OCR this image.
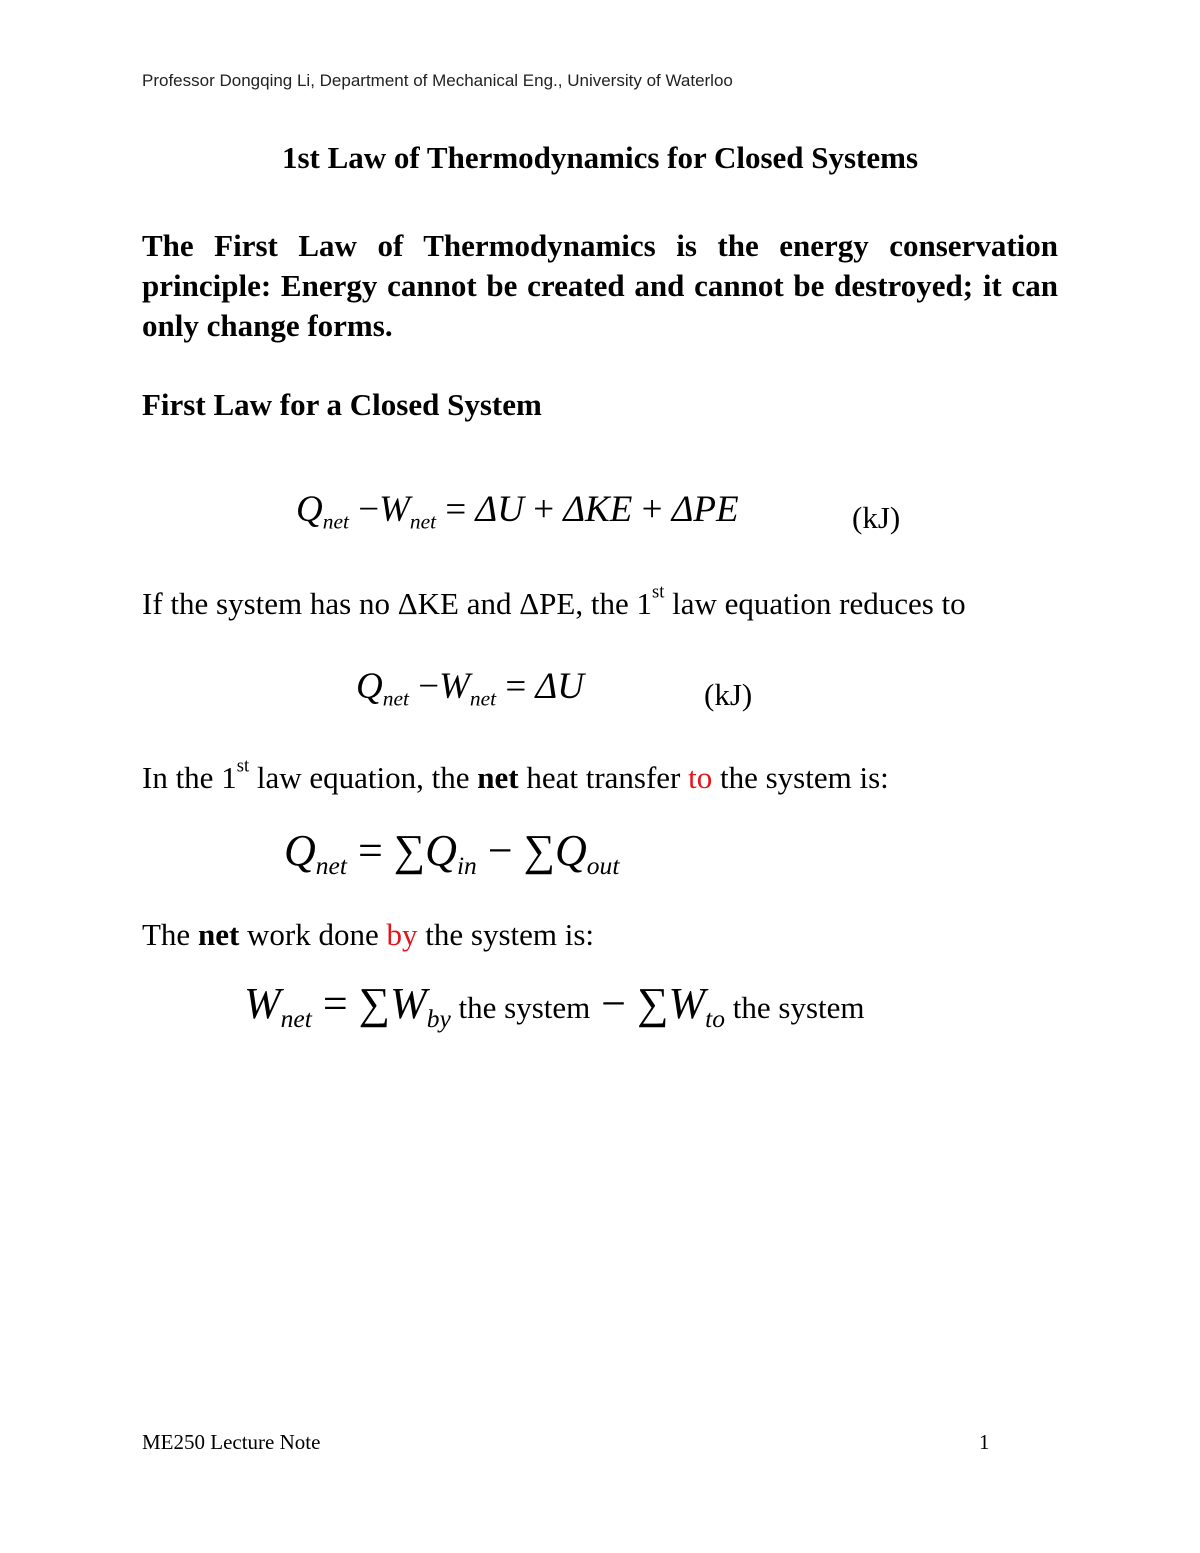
Professor Dongqing Li, Department of Mechanical Eng., University of Waterloo
1st Law of Thermodynamics for Closed Systems
The First Law of Thermodynamics is the energy conservation principle: Energy cannot be created and cannot be destroyed; it can only change forms.
First Law for a Closed System
$Q_{net} -W_{net} = \Delta U + \Delta KE + \Delta PE$	(kJ)
If the system has no ΔKE and ΔPE, the 1st law equation reduces to
$Q_{net} -W_{net} = \Delta U$	(kJ)
In the 1st law equation, the net heat transfer to the system is:
$Q_{net} = \sum Q_{in} - \sum Q_{out}$
The net work done by the system is:
$W_{net} = \sum W_{by}$ the system − $\sum W_{to}$ the system
ME250 Lecture Note	1
